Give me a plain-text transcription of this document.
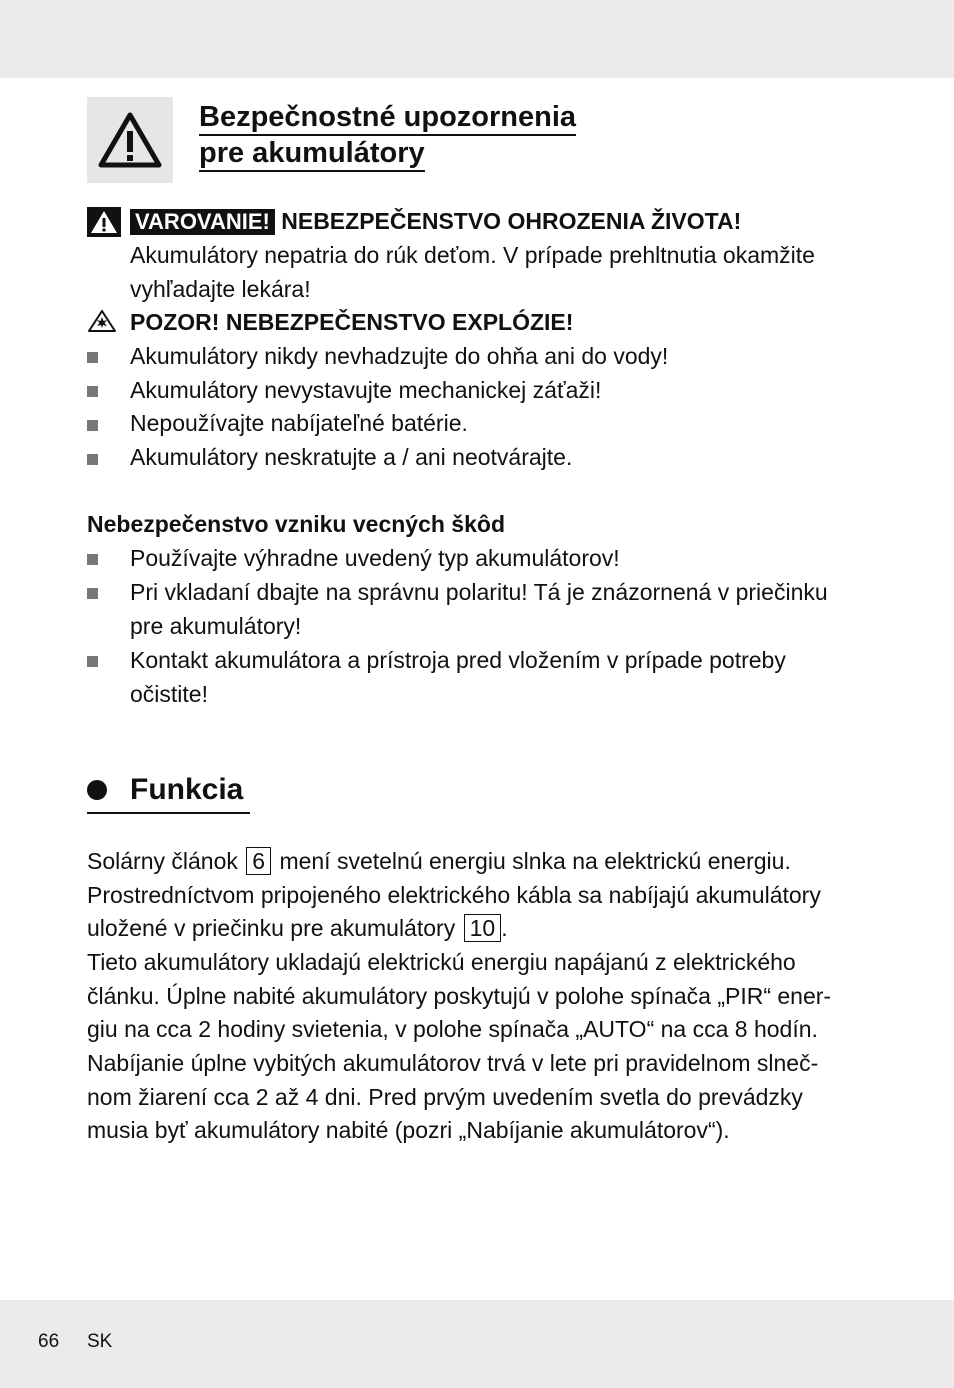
Bezpečnostné upozornenia
pre akumulátory

VAROVANIE! NEBEZPEČENSTVO OHROZENIA ŽIVOTA!

Akumulátory nepatria do rúk deťom. V prípade prehltnutia okamžite

vyhľadajte lekára!

POZOR! NEBEZPEČENSTVO EXPLÓZIE!

Akumulátory nikdy nevhadzujte do ohňa ani do vody!

Akumulátory nevystavujte mechanickej záťaži!

Nepoužívajte nabíjateľné batérie.

Akumulátory neskratujte a / ani neotvárajte.

Nebezpečenstvo vzniku vecných škôd

Používajte výhradne uvedený typ akumulátorov!

Pri vkladaní dbajte na správnu polaritu! Tá je znázornená v priečinku

pre akumulátory!

Kontakt akumulátora a prístroja pred vložením v prípade potreby

očistite!

Funkcia

Solárny článok 6 mení svetelnú energiu slnka na elektrickú energiu.

Prostredníctvom pripojeného elektrického kábla sa nabíjajú akumulátory

uložené v priečinku pre akumulátory 10 .

Tieto akumulátory ukladajú elektrickú energiu napájanú z elektrického

článku. Úplne nabité akumulátory poskytujú v polohe spínača „PIR“ ener-

giu na cca 2 hodiny svietenia, v polohe spínača „AUTO“ na cca 8 hodín.

Nabíjanie úplne vybitých akumulátorov trvá v lete pri pravidelnom slneč-

nom žiarení cca 2 až 4 dni. Pred prvým uvedením svetla do prevádzky

musia byť akumulátory nabité (pozri „Nabíjanie akumulátorov“).

66 SK
